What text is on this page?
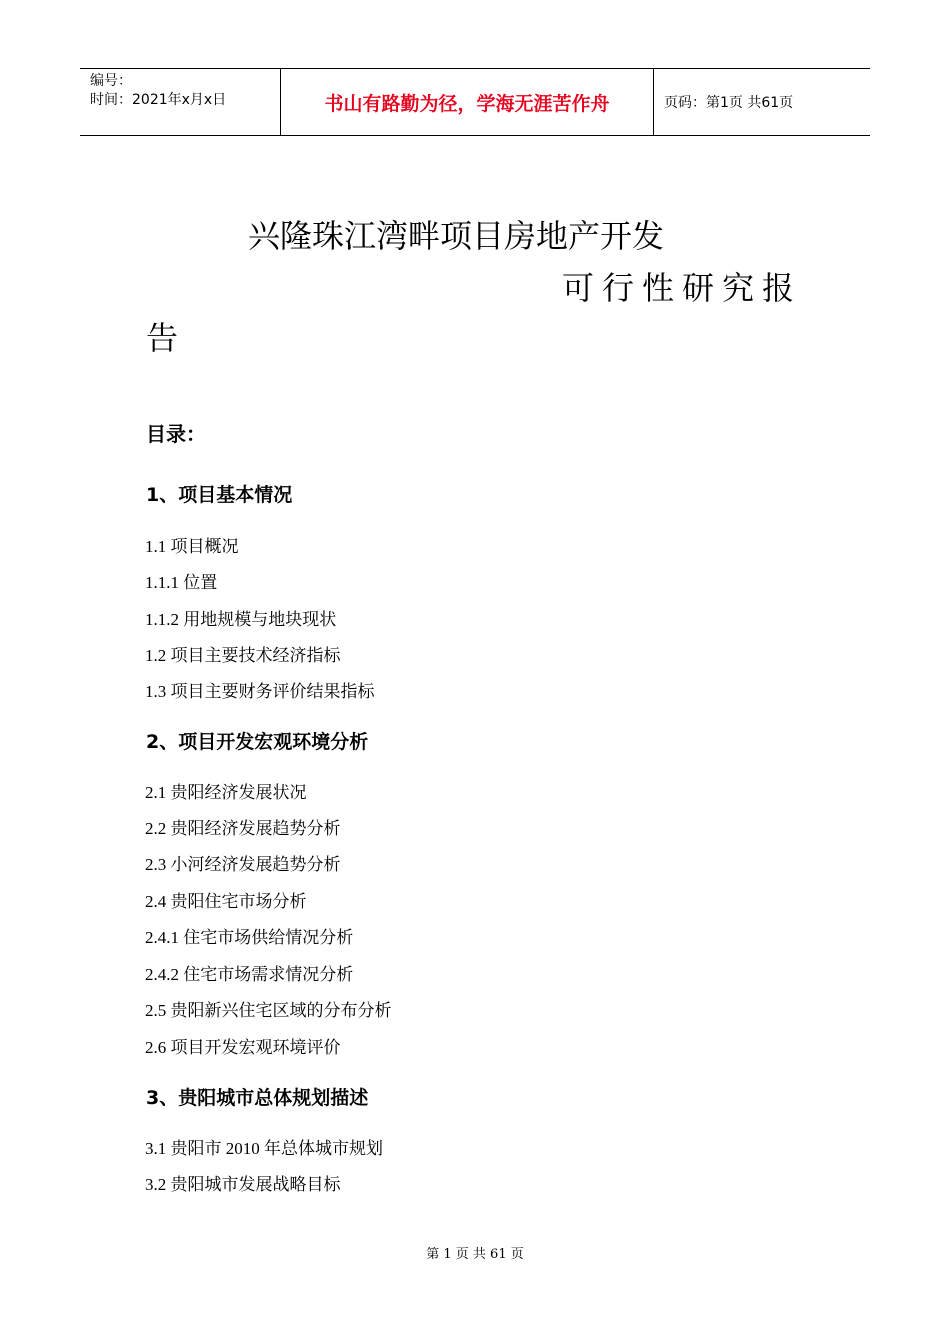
编号：
时间：2021年x月x日	书山有路勤为径，学海无涯苦作舟	页码：第1页 共61页
兴隆珠江湾畔项目房地产开发
可行性研究报
告
目录：
1、项目基本情况
1.1 项目概况
1.1.1 位置
1.1.2 用地规模与地块现状
1.2 项目主要技术经济指标
1.3 项目主要财务评价结果指标
2、项目开发宏观环境分析
2.1 贵阳经济发展状况
2.2 贵阳经济发展趋势分析
2.3 小河经济发展趋势分析
2.4 贵阳住宅市场分析
2.4.1 住宅市场供给情况分析
2.4.2 住宅市场需求情况分析
2.5 贵阳新兴住宅区域的分布分析
2.6 项目开发宏观环境评价
3、贵阳城市总体规划描述
3.1 贵阳市 2010 年总体城市规划
3.2 贵阳城市发展战略目标
第 1 页 共 61 页
